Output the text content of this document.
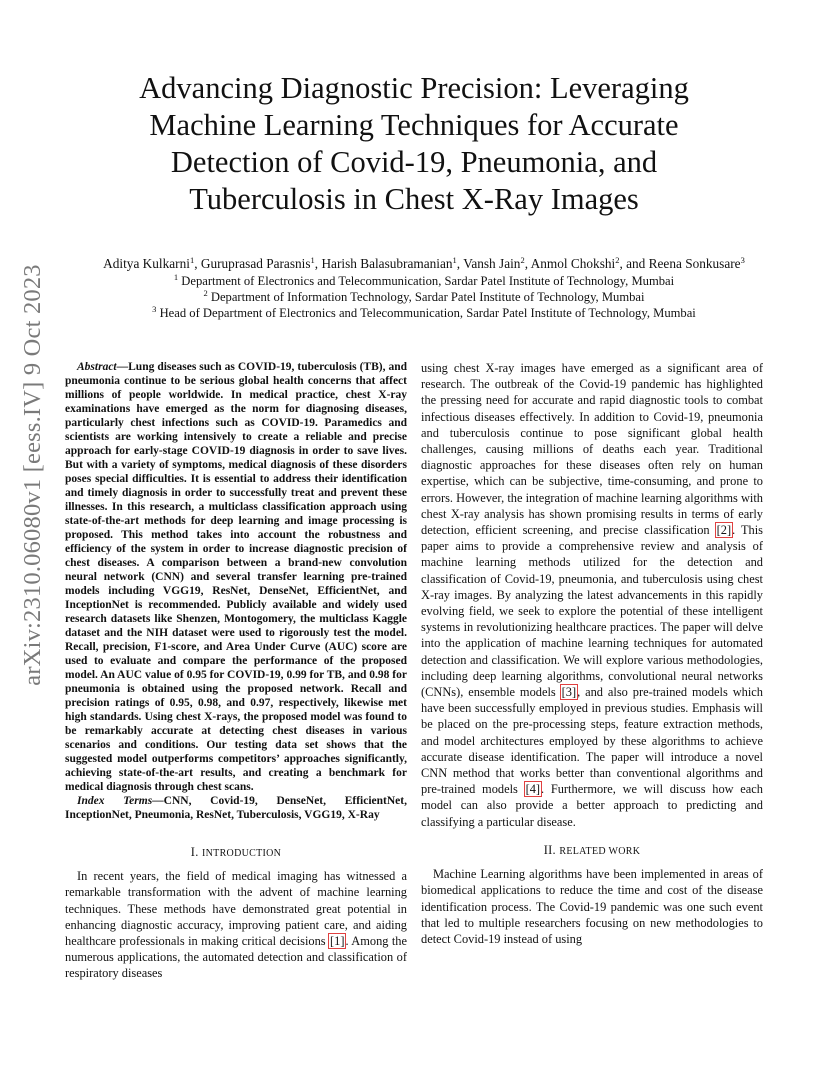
arXiv:2310.06080v1 [eess.IV] 9 Oct 2023
Advancing Diagnostic Precision: Leveraging Machine Learning Techniques for Accurate Detection of Covid-19, Pneumonia, and Tuberculosis in Chest X-Ray Images
Aditya Kulkarni$^1$, Guruprasad Parasnis$^1$, Harish Balasubramanian$^1$, Vansh Jain$^2$, Anmol Chokshi$^2$, and Reena Sonkusare$^3$
$^1$ Department of Electronics and Telecommunication, Sardar Patel Institute of Technology, Mumbai
$^2$ Department of Information Technology, Sardar Patel Institute of Technology, Mumbai
$^3$ Head of Department of Electronics and Telecommunication, Sardar Patel Institute of Technology, Mumbai

Abstract—Lung diseases such as COVID-19, tuberculosis (TB), and pneumonia continue to be serious global health concerns that affect millions of people worldwide. In medical practice, chest X-ray examinations have emerged as the norm for diagnosing diseases, particularly chest infections such as COVID-19. Paramedics and scientists are working intensively to create a reliable and precise approach for early-stage COVID-19 diagnosis in order to save lives. But with a variety of symptoms, medical diagnosis of these disorders poses special difficulties. It is essential to address their identification and timely diagnosis in order to successfully treat and prevent these illnesses. In this research, a multiclass classification approach using state-of-the-art methods for deep learning and image processing is proposed. This method takes into account the robustness and efficiency of the system in order to increase diagnostic precision of chest diseases. A comparison between a brand-new convolution neural network (CNN) and several transfer learning pre-trained models including VGG19, ResNet, DenseNet, EfficientNet, and InceptionNet is recommended. Publicly available and widely used research datasets like Shenzen, Montogomery, the multiclass Kaggle dataset and the NIH dataset were used to rigorously test the model. Recall, precision, F1-score, and Area Under Curve (AUC) score are used to evaluate and compare the performance of the proposed model. An AUC value of 0.95 for COVID-19, 0.99 for TB, and 0.98 for pneumonia is obtained using the proposed network. Recall and precision ratings of 0.95, 0.98, and 0.97, respectively, likewise met high standards. Using chest X-rays, the proposed model was found to be remarkably accurate at detecting chest diseases in various scenarios and conditions. Our testing data set shows that the suggested model outperforms competitors’ approaches significantly, achieving state-of-the-art results, and creating a benchmark for medical diagnosis through chest scans.

Index Terms—CNN, Covid-19, DenseNet, EfficientNet, InceptionNet, Pneumonia, ResNet, Tuberculosis, VGG19, X-Ray

I. INTRODUCTION

In recent years, the field of medical imaging has witnessed a remarkable transformation with the advent of machine learning techniques. These methods have demonstrated great potential in enhancing diagnostic accuracy, improving patient care, and aiding healthcare professionals in making critical decisions [1]. Among the numerous applications, the automated detection and classification of respiratory diseases

using chest X-ray images have emerged as a significant area of research. The outbreak of the Covid-19 pandemic has highlighted the pressing need for accurate and rapid diagnostic tools to combat infectious diseases effectively. In addition to Covid-19, pneumonia and tuberculosis continue to pose significant global health challenges, causing millions of deaths each year. Traditional diagnostic approaches for these diseases often rely on human expertise, which can be subjective, time-consuming, and prone to errors. However, the integration of machine learning algorithms with chest X-ray analysis has shown promising results in terms of early detection, efficient screening, and precise classification [2]. This paper aims to provide a comprehensive review and analysis of machine learning methods utilized for the detection and classification of Covid-19, pneumonia, and tuberculosis using chest X-ray images. By analyzing the latest advancements in this rapidly evolving field, we seek to explore the potential of these intelligent systems in revolutionizing healthcare practices. The paper will delve into the application of machine learning techniques for automated detection and classification. We will explore various methodologies, including deep learning algorithms, convolutional neural networks (CNNs), ensemble models [3], and also pre-trained models which have been successfully employed in previous studies. Emphasis will be placed on the pre-processing steps, feature extraction methods, and model architectures employed by these algorithms to achieve accurate disease identification. The paper will introduce a novel CNN method that works better than conventional algorithms and pre-trained models [4]. Furthermore, we will discuss how each model can also provide a better approach to predicting and classifying a particular disease.

II. RELATED WORK

Machine Learning algorithms have been implemented in areas of biomedical applications to reduce the time and cost of the disease identification process. The Covid-19 pandemic was one such event that led to multiple researchers focusing on new methodologies to detect Covid-19 instead of using
